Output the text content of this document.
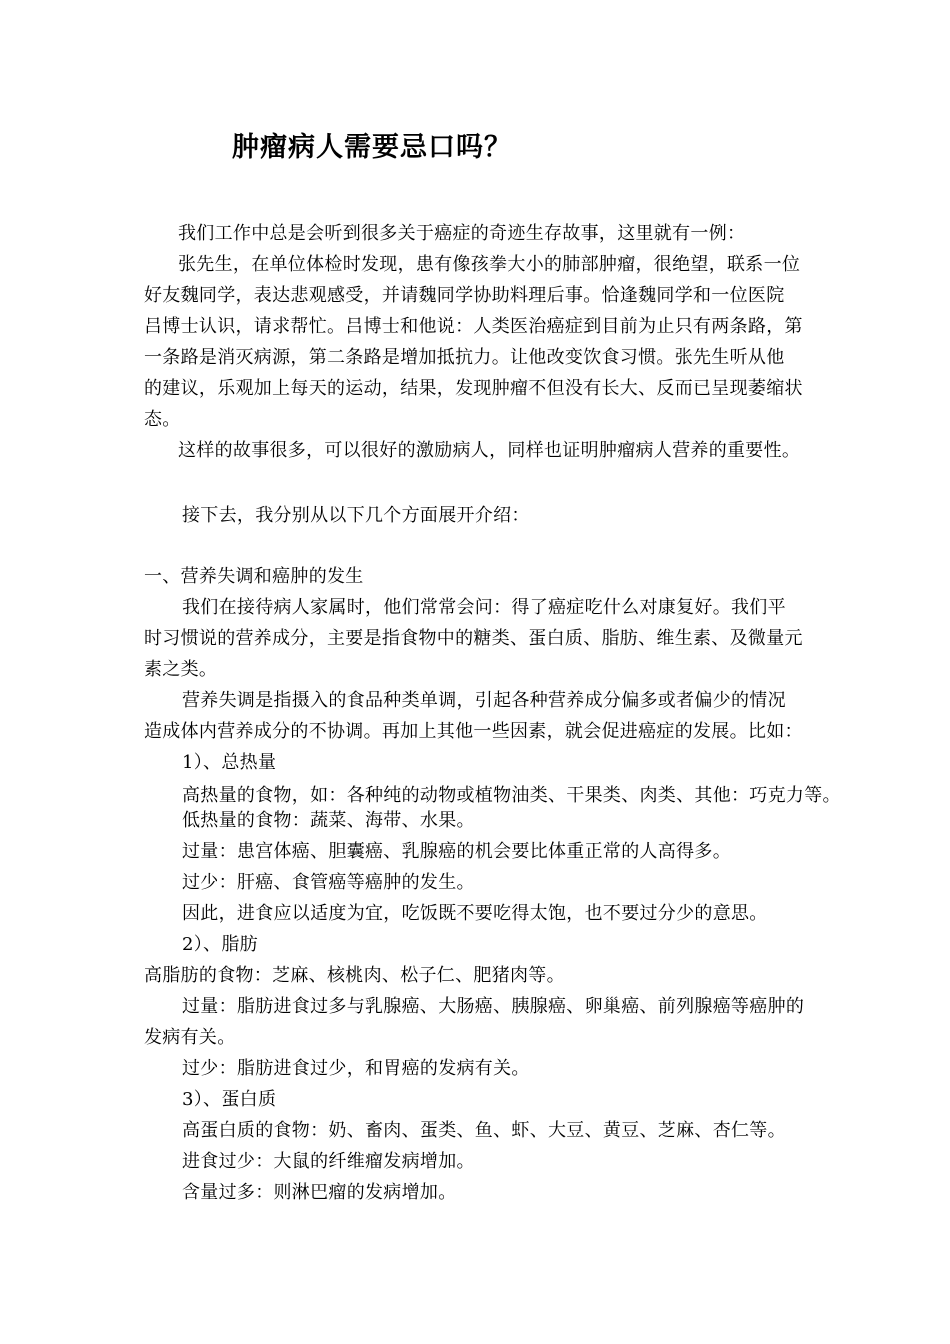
肿瘤病人需要忌口吗？
我们工作中总是会听到很多关于癌症的奇迹生存故事，这里就有一例：
张先生，在单位体检时发现，患有像孩拳大小的肺部肿瘤，很绝望，联系一位
好友魏同学，表达悲观感受，并请魏同学协助料理后事。恰逢魏同学和一位医院
吕博士认识，请求帮忙。吕博士和他说：人类医治癌症到目前为止只有两条路，第
一条路是消灭病源，第二条路是增加抵抗力。让他改变饮食习惯。张先生听从他
的建议，乐观加上每天的运动，结果，发现肿瘤不但没有长大、反而已呈现萎缩状
态。
这样的故事很多，可以很好的激励病人，同样也证明肿瘤病人营养的重要性。
接下去，我分别从以下几个方面展开介绍：
一、营养失调和癌肿的发生
我们在接待病人家属时，他们常常会问：得了癌症吃什么对康复好。我们平
时习惯说的营养成分，主要是指食物中的糖类、蛋白质、脂肪、维生素、及微量元
素之类。
营养失调是指摄入的食品种类单调，引起各种营养成分偏多或者偏少的情况
造成体内营养成分的不协调。再加上其他一些因素，就会促进癌症的发展。比如：
1）、总热量
高热量的食物，如：各种纯的动物或植物油类、干果类、肉类、其他：巧克力等。
低热量的食物：蔬菜、海带、水果。
过量：患宫体癌、胆囊癌、乳腺癌的机会要比体重正常的人高得多。
过少：肝癌、食管癌等癌肿的发生。
因此，进食应以适度为宜，吃饭既不要吃得太饱，也不要过分少的意思。
2）、脂肪
高脂肪的食物：芝麻、核桃肉、松子仁、肥猪肉等。
过量：脂肪进食过多与乳腺癌、大肠癌、胰腺癌、卵巢癌、前列腺癌等癌肿的
发病有关。
过少：脂肪进食过少，和胃癌的发病有关。
3）、蛋白质
高蛋白质的食物：奶、畜肉、蛋类、鱼、虾、大豆、黄豆、芝麻、杏仁等。
进食过少：大鼠的纤维瘤发病增加。
含量过多：则淋巴瘤的发病增加。
